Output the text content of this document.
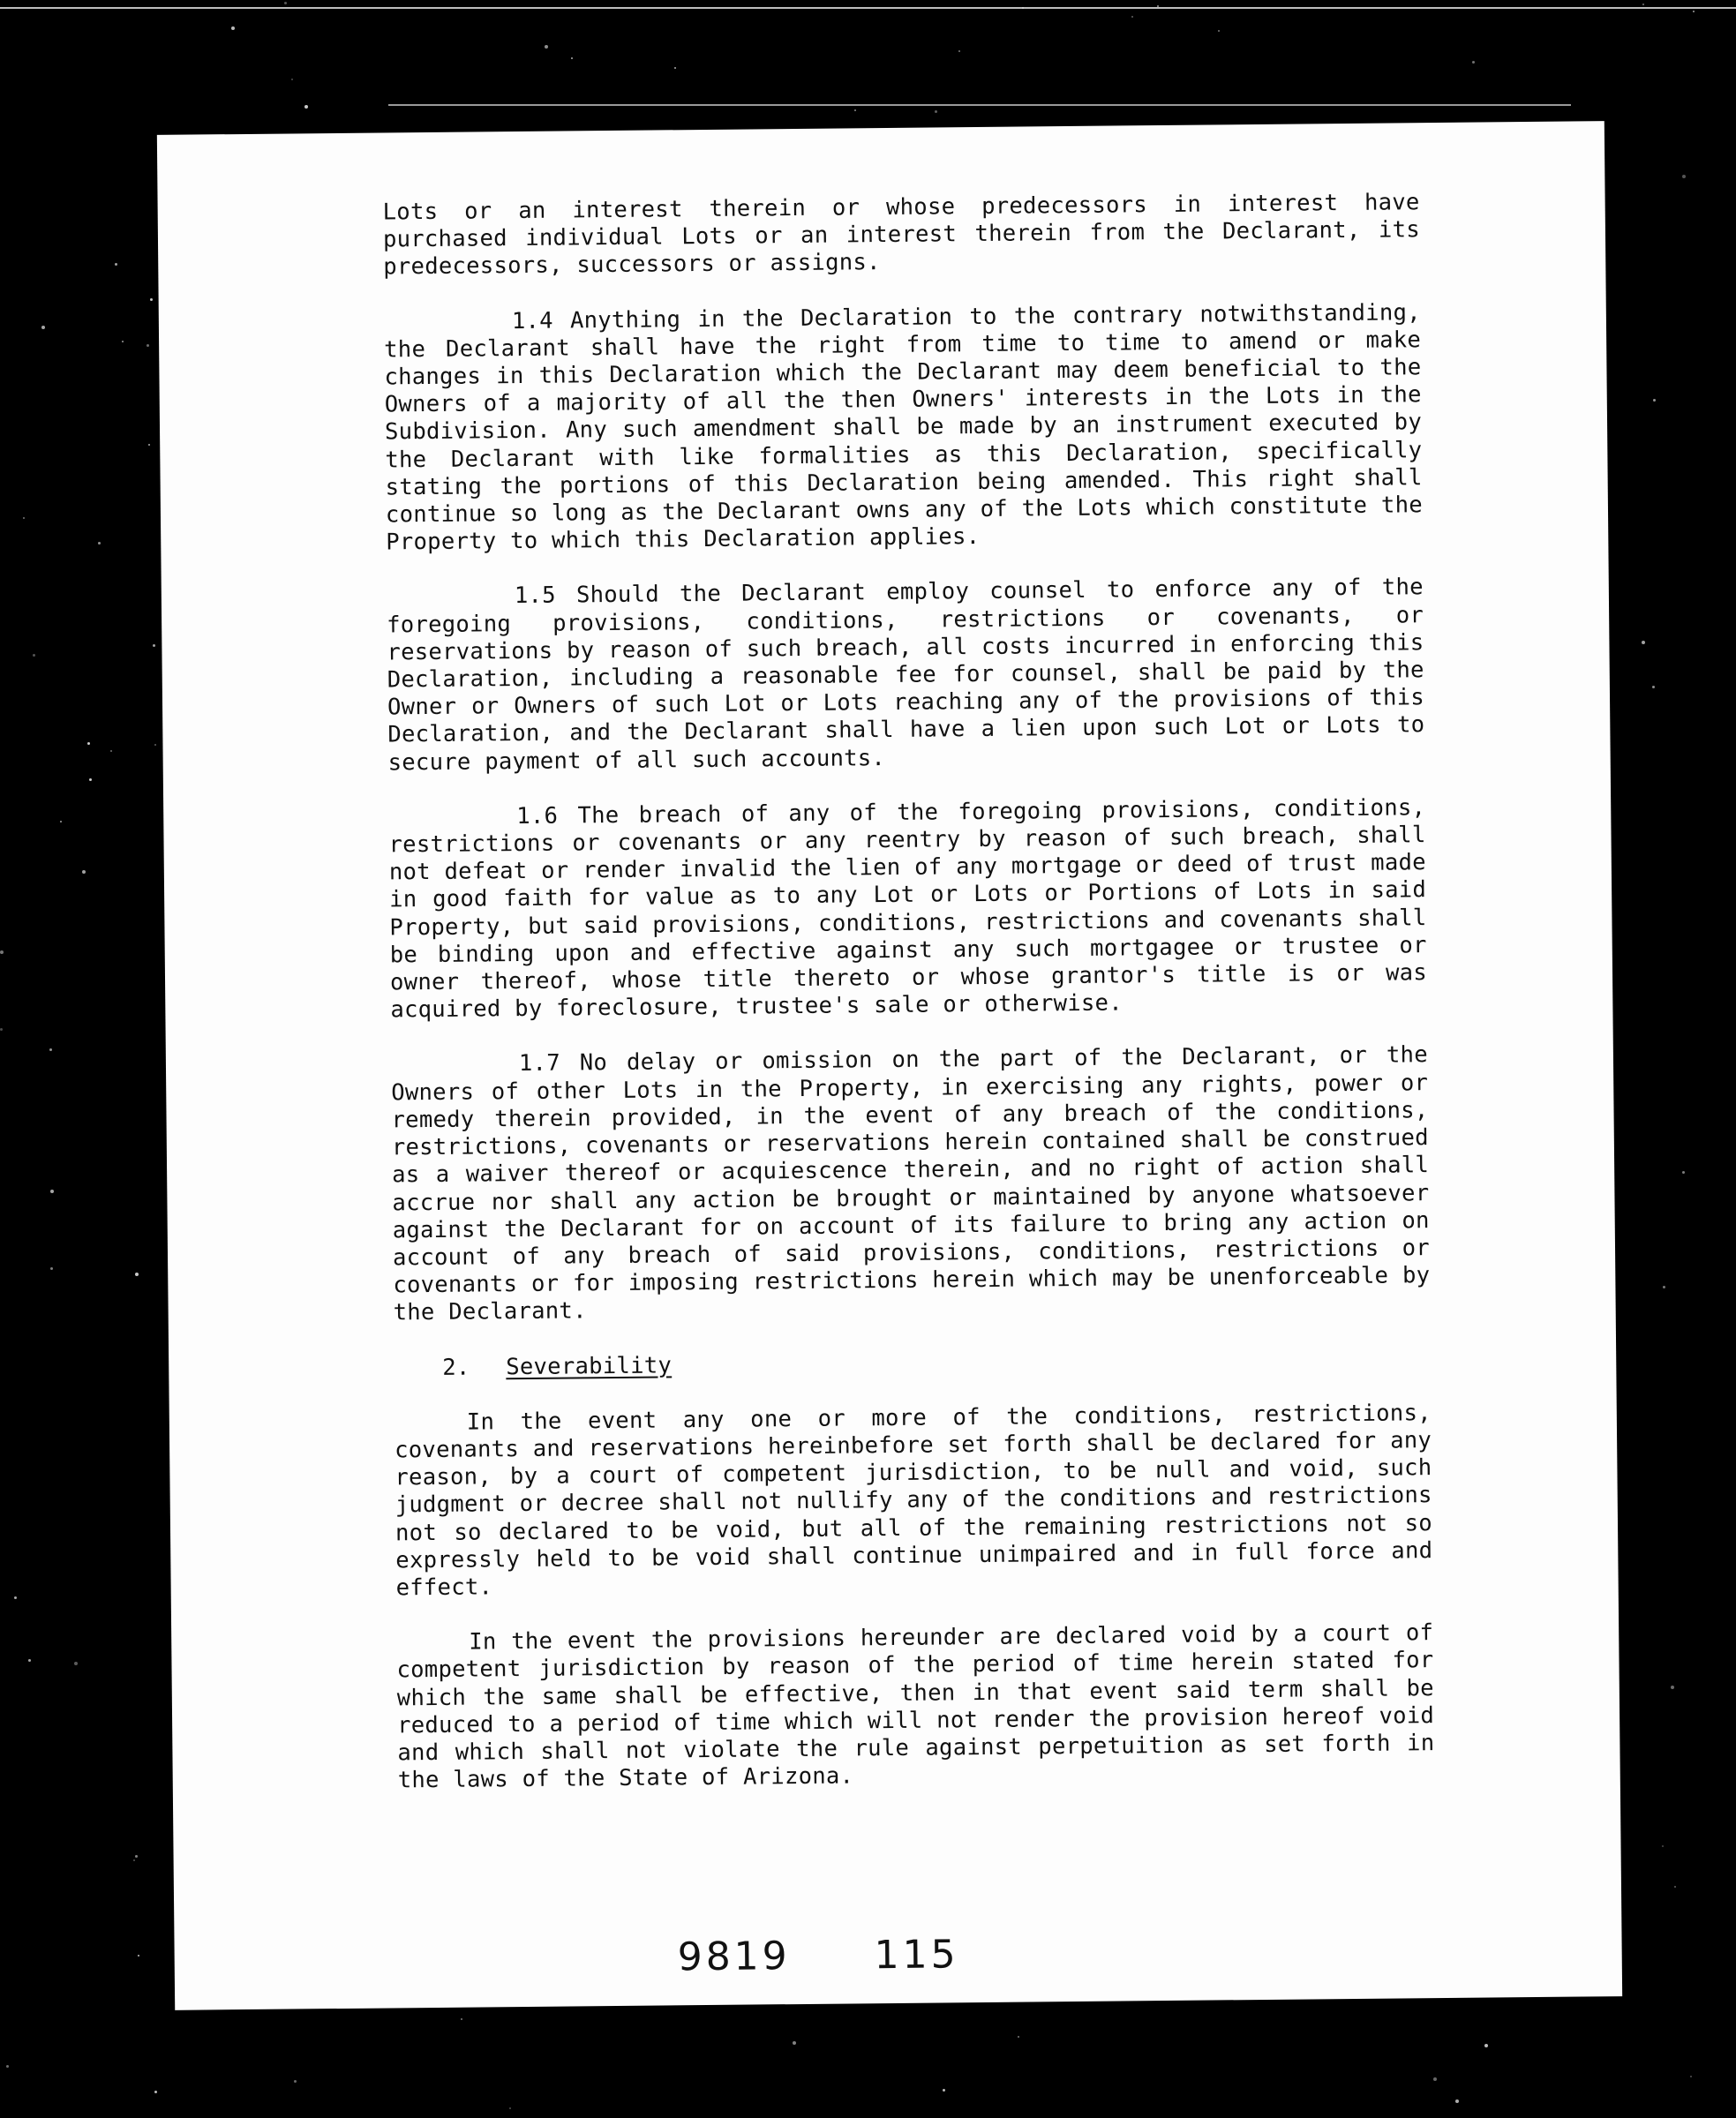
Lots or an interest therein or whose predecessors in interest have purchased individual Lots or an interest therein from the Declarant, its predecessors, successors or assigns.

1.4 Anything in the Declaration to the contrary notwithstanding, the Declarant shall have the right from time to time to amend or make changes in this Declaration which the Declarant may deem beneficial to the Owners of a majority of all the then Owners' interests in the Lots in the Subdivision. Any such amendment shall be made by an instrument executed by the Declarant with like formalities as this Declaration, specifically stating the portions of this Declaration being amended. This right shall continue so long as the Declarant owns any of the Lots which constitute the Property to which this Declaration applies.

1.5 Should the Declarant employ counsel to enforce any of the foregoing provisions, conditions, restrictions or covenants, or reservations by reason of such breach, all costs incurred in enforcing this Declaration, including a reasonable fee for counsel, shall be paid by the Owner or Owners of such Lot or Lots reaching any of the provisions of this Declaration, and the Declarant shall have a lien upon such Lot or Lots to secure payment of all such accounts.

1.6 The breach of any of the foregoing provisions, conditions, restrictions or covenants or any reentry by reason of such breach, shall not defeat or render invalid the lien of any mortgage or deed of trust made in good faith for value as to any Lot or Lots or Portions of Lots in said Property, but said provisions, conditions, restrictions and covenants shall be binding upon and effective against any such mortgagee or trustee or owner thereof, whose title thereto or whose grantor's title is or was acquired by foreclosure, trustee's sale or otherwise.

1.7 No delay or omission on the part of the Declarant, or the Owners of other Lots in the Property, in exercising any rights, power or remedy therein provided, in the event of any breach of the conditions, restrictions, covenants or reservations herein contained shall be construed as a waiver thereof or acquiescence therein, and no right of action shall accrue nor shall any action be brought or maintained by anyone whatsoever against the Declarant for on account of its failure to bring any action on account of any breach of said provisions, conditions, restrictions or covenants or for imposing restrictions herein which may be unenforceable by the Declarant.

2. Severability

In the event any one or more of the conditions, restrictions, covenants and reservations hereinbefore set forth shall be declared for any reason, by a court of competent jurisdiction, to be null and void, such judgment or decree shall not nullify any of the conditions and restrictions not so declared to be void, but all of the remaining restrictions not so expressly held to be void shall continue unimpaired and in full force and effect.

In the event the provisions hereunder are declared void by a court of competent jurisdiction by reason of the period of time herein stated for which the same shall be effective, then in that event said term shall be reduced to a period of time which will not render the provision hereof void and which shall not violate the rule against perpetuition as set forth in the laws of the State of Arizona.

9819 115
